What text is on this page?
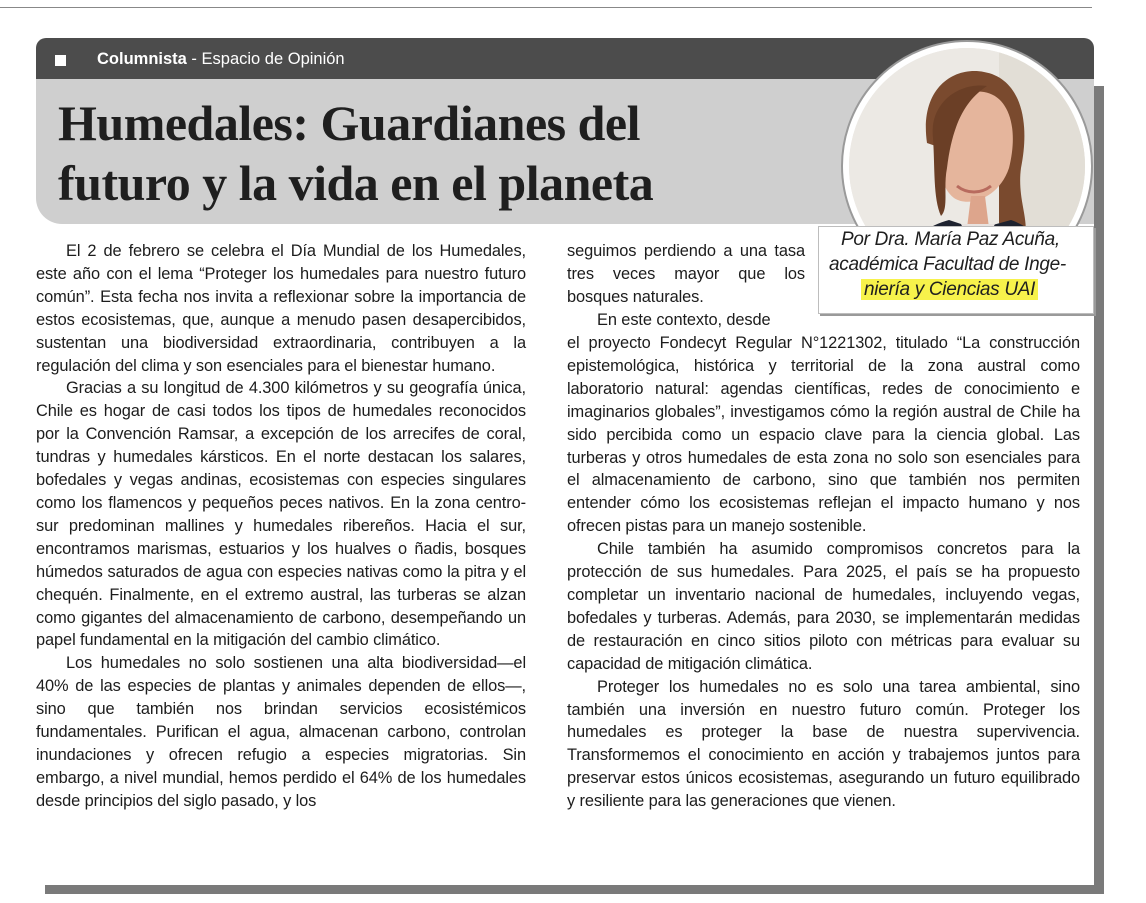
Columnista - Espacio de Opinión
Humedales: Guardianes del
futuro y la vida en el planeta

Por Dra. María Paz Acuña,

académica Facultad de Inge-

niería y Ciencias UAI

El 2 de febrero se celebra el Día Mundial de los Humedales, este año con el lema “Proteger los humedales para nuestro futuro común”. Esta fecha nos invita a reflexionar sobre la importancia de estos ecosistemas, que, aunque a menudo pasen desapercibidos, sustentan una biodiversidad extraordinaria, contribuyen a la regulación del clima y son esenciales para el bienestar humano.

Gracias a su longitud de 4.300 kilómetros y su geografía única, Chile es hogar de casi todos los tipos de humedales reconocidos por la Convención Ramsar, a excepción de los arrecifes de coral, tundras y humedales kársticos. En el norte destacan los salares, bofedales y vegas andinas, ecosistemas con especies singulares como los flamencos y pequeños peces nativos. En la zona centro-sur predominan mallines y humedales ribereños. Hacia el sur, encontramos marismas, estuarios y los hualves o ñadis, bosques húmedos saturados de agua con especies nativas como la pitra y el chequén. Finalmente, en el extremo austral, las turberas se alzan como gigantes del almacenamiento de carbono, desempeñando un papel fundamental en la mitigación del cambio climático.

Los humedales no solo sostienen una alta biodiversidad—el 40% de las especies de plantas y animales dependen de ellos—, sino que también nos brindan servicios ecosistémicos fundamentales. Purifican el agua, almacenan carbono, controlan inundaciones y ofrecen refugio a especies migratorias. Sin embargo, a nivel mundial, hemos perdido el 64% de los humedales desde principios del siglo pasado, y los

seguimos perdiendo a una tasa tres veces mayor que los bosques naturales.

En este contexto, desde

el proyecto Fondecyt Regular N°1221302, titulado “La construcción epistemológica, histórica y territorial de la zona austral como laboratorio natural: agendas científicas, redes de conocimiento e imaginarios globales”, investigamos cómo la región austral de Chile ha sido percibida como un espacio clave para la ciencia global. Las turberas y otros humedales de esta zona no solo son esenciales para el almacenamiento de carbono, sino que también nos permiten entender cómo los ecosistemas reflejan el impacto humano y nos ofrecen pistas para un manejo sostenible.

Chile también ha asumido compromisos concretos para la protección de sus humedales. Para 2025, el país se ha propuesto completar un inventario nacional de humedales, incluyendo vegas, bofedales y turberas. Además, para 2030, se implementarán medidas de restauración en cinco sitios piloto con métricas para evaluar su capacidad de mitigación climática.

Proteger los humedales no es solo una tarea ambiental, sino también una inversión en nuestro futuro común. Proteger los humedales es proteger la base de nuestra supervivencia. Transformemos el conocimiento en acción y trabajemos juntos para preservar estos únicos ecosistemas, asegurando un futuro equilibrado y resiliente para las generaciones que vienen.
